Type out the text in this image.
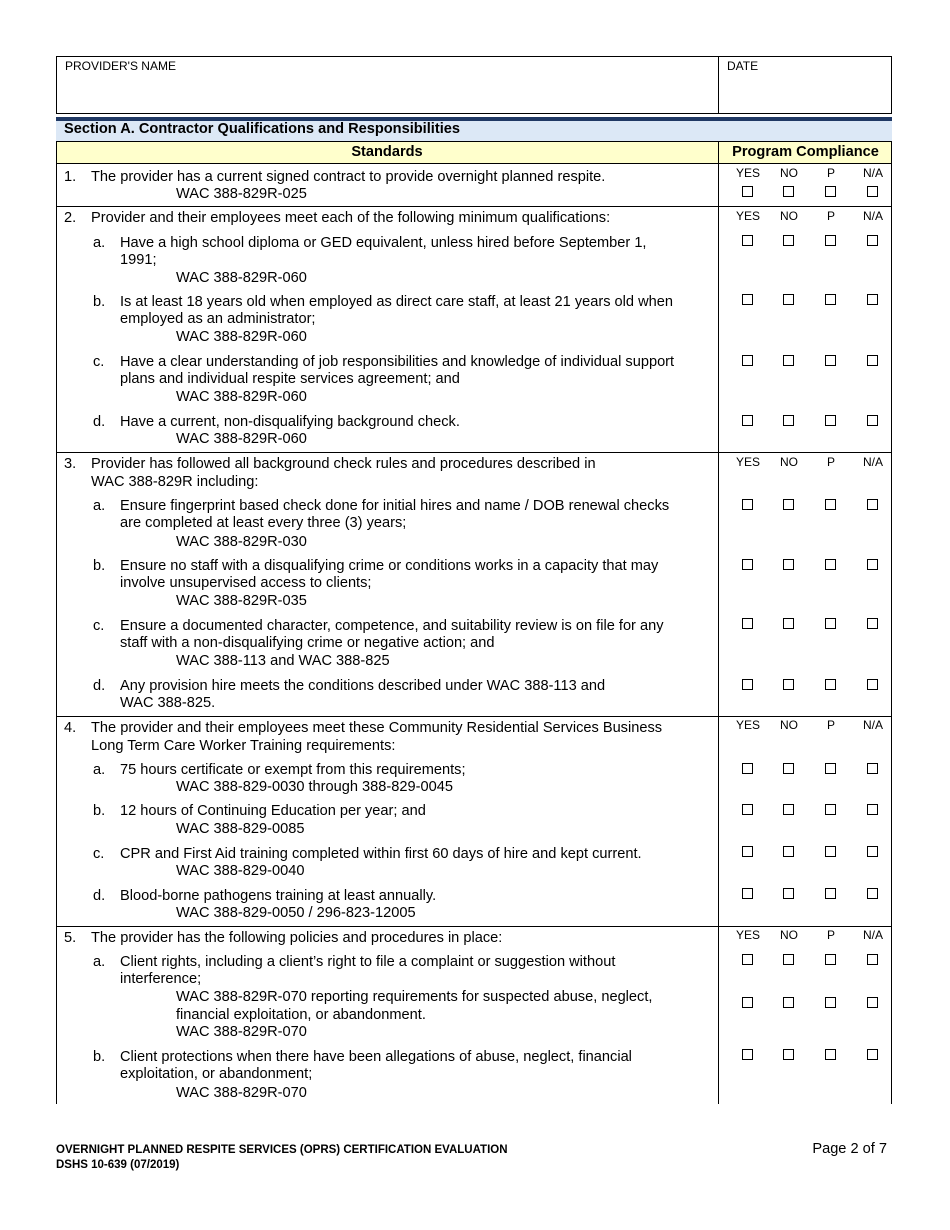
PROVIDER'S NAME	DATE
Section A. Contractor Qualifications and Responsibilities
Standards	Program Compliance
1. The provider has a current signed contract to provide overnight planned respite.
WAC 388-829R-025
2. Provider and their employees meet each of the following minimum qualifications:
a. Have a high school diploma or GED equivalent, unless hired before September 1,
1991;
WAC 388-829R-060
b. Is at least 18 years old when employed as direct care staff, at least 21 years old when
employed as an administrator;
WAC 388-829R-060
c. Have a clear understanding of job responsibilities and knowledge of individual support
plans and individual respite services agreement; and
WAC 388-829R-060
d. Have a current, non-disqualifying background check.
WAC 388-829R-060
3. Provider has followed all background check rules and procedures described in
WAC 388-829R including:
a. Ensure fingerprint based check done for initial hires and name / DOB renewal checks
are completed at least every three (3) years;
WAC 388-829R-030
b. Ensure no staff with a disqualifying crime or conditions works in a capacity that may
involve unsupervised access to clients;
WAC 388-829R-035
c. Ensure a documented character, competence, and suitability review is on file for any
staff with a non-disqualifying crime or negative action; and
WAC 388-113 and WAC 388-825
d. Any provision hire meets the conditions described under WAC 388-113 and
WAC 388-825.
4. The provider and their employees meet these Community Residential Services Business
Long Term Care Worker Training requirements:
a. 75 hours certificate or exempt from this requirements;
WAC 388-829-0030 through 388-829-0045
b. 12 hours of Continuing Education per year; and
WAC 388-829-0085
c. CPR and First Aid training completed within first 60 days of hire and kept current.
WAC 388-829-0040
d. Blood-borne pathogens training at least annually.
WAC 388-829-0050 / 296-823-12005
5. The provider has the following policies and procedures in place:
a. Client rights, including a client’s right to file a complaint or suggestion without
interference;
WAC 388-829R-070 reporting requirements for suspected abuse, neglect,
financial exploitation, or abandonment.
WAC 388-829R-070
b. Client protections when there have been allegations of abuse, neglect, financial
exploitation, or abandonment;
WAC 388-829R-070
YES NO P N/A
YES NO P N/A
YES NO P N/A
YES NO P N/A
YES NO P N/A
OVERNIGHT PLANNED RESPITE SERVICES (OPRS) CERTIFICATION EVALUATION
DSHS 10-639 (07/2019)
Page 2 of 7
